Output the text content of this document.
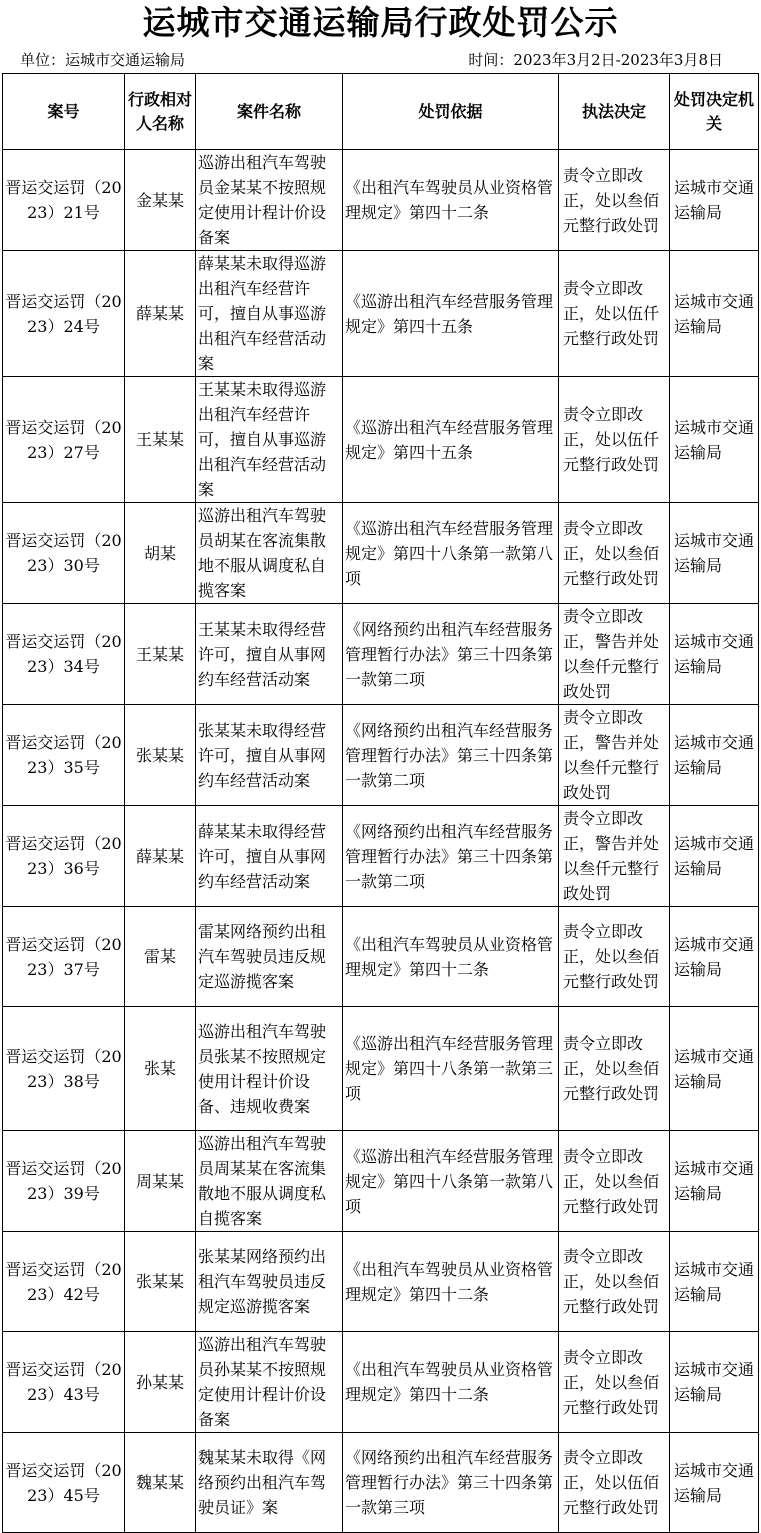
运城市交通运输局行政处罚公示
单位：运城市交通运输局	时间：2023年3月2日-2023年3月8日
案号	行政相对人名称	案件名称	处罚依据	执法决定	处罚决定机关
晋运交运罚（2023）21号	金某某	巡游出租汽车驾驶员金某某不按照规定使用计程计价设备案	《出租汽车驾驶员从业资格管理规定》第四十二条	责令立即改正，处以叁佰元整行政处罚	运城市交通运输局
晋运交运罚（2023）24号	薛某某	薛某某未取得巡游出租汽车经营许可，擅自从事巡游出租汽车经营活动案	《巡游出租汽车经营服务管理规定》第四十五条	责令立即改正，处以伍仟元整行政处罚	运城市交通运输局
晋运交运罚（2023）27号	王某某	王某某未取得巡游出租汽车经营许可，擅自从事巡游出租汽车经营活动案	《巡游出租汽车经营服务管理规定》第四十五条	责令立即改正，处以伍仟元整行政处罚	运城市交通运输局
晋运交运罚（2023）30号	胡某	巡游出租汽车驾驶员胡某在客流集散地不服从调度私自揽客案	《巡游出租汽车经营服务管理规定》第四十八条第一款第八项	责令立即改正，处以叁佰元整行政处罚	运城市交通运输局
晋运交运罚（2023）34号	王某某	王某某未取得经营许可，擅自从事网约车经营活动案	《网络预约出租汽车经营服务管理暂行办法》第三十四条第一款第二项	责令立即改正，警告并处以叁仟元整行政处罚	运城市交通运输局
晋运交运罚（2023）35号	张某某	张某某未取得经营许可，擅自从事网约车经营活动案	《网络预约出租汽车经营服务管理暂行办法》第三十四条第一款第二项	责令立即改正，警告并处以叁仟元整行政处罚	运城市交通运输局
晋运交运罚（2023）36号	薛某某	薛某某未取得经营许可，擅自从事网约车经营活动案	《网络预约出租汽车经营服务管理暂行办法》第三十四条第一款第二项	责令立即改正，警告并处以叁仟元整行政处罚	运城市交通运输局
晋运交运罚（2023）37号	雷某	雷某网络预约出租汽车驾驶员违反规定巡游揽客案	《出租汽车驾驶员从业资格管理规定》第四十二条	责令立即改正，处以叁佰元整行政处罚	运城市交通运输局
晋运交运罚（2023）38号	张某	巡游出租汽车驾驶员张某不按照规定使用计程计价设备、违规收费案	《巡游出租汽车经营服务管理规定》第四十八条第一款第三项	责令立即改正，处以叁佰元整行政处罚	运城市交通运输局
晋运交运罚（2023）39号	周某某	巡游出租汽车驾驶员周某某在客流集散地不服从调度私自揽客案	《巡游出租汽车经营服务管理规定》第四十八条第一款第八项	责令立即改正，处以叁佰元整行政处罚	运城市交通运输局
晋运交运罚（2023）42号	张某某	张某某网络预约出租汽车驾驶员违反规定巡游揽客案	《出租汽车驾驶员从业资格管理规定》第四十二条	责令立即改正，处以叁佰元整行政处罚	运城市交通运输局
晋运交运罚（2023）43号	孙某某	巡游出租汽车驾驶员孙某某不按照规定使用计程计价设备案	《出租汽车驾驶员从业资格管理规定》第四十二条	责令立即改正，处以叁佰元整行政处罚	运城市交通运输局
晋运交运罚（2023）45号	魏某某	魏某某未取得《网络预约出租汽车驾驶员证》案	《网络预约出租汽车经营服务管理暂行办法》第三十四条第一款第三项	责令立即改正，处以伍佰元整行政处罚	运城市交通运输局
